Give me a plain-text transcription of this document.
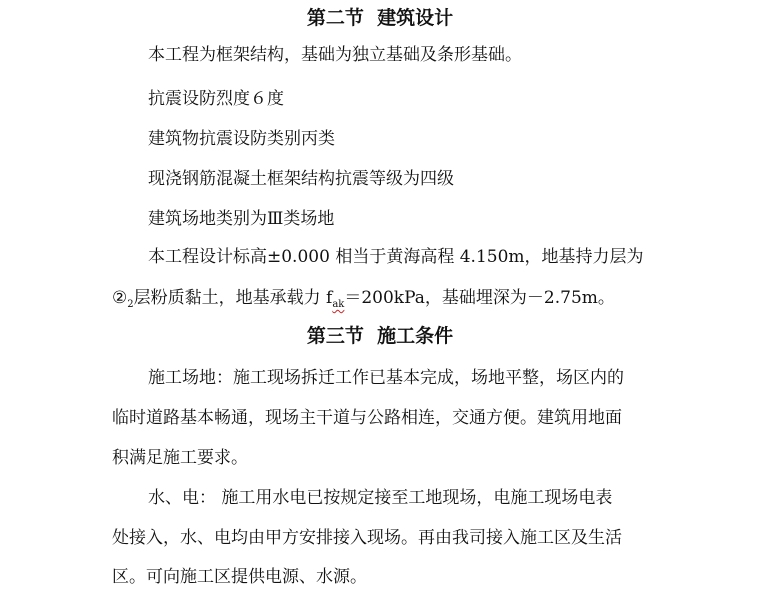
第二节  建筑设计
本工程为框架结构，基础为独立基础及条形基础。
抗震设防烈度６度
建筑物抗震设防类别丙类
现浇钢筋混凝土框架结构抗震等级为四级
建筑场地类别为Ⅲ类场地
本工程设计标高±0.000 相当于黄海高程 4.150m，地基持力层为
$②_2$层粉质黏土，地基承载力 $f_{ak}=200kPa$，基础埋深为－2.75m。
第三节  施工条件
施工场地：施工现场拆迁工作已基本完成，场地平整，场区内的
临时道路基本畅通，现场主干道与公路相连，交通方便。建筑用地面
积满足施工要求。
水、电： 施工用水电已按规定接至工地现场，电施工现场电表
处接入，水、电均由甲方安排接入现场。再由我司接入施工区及生活
区。可向施工区提供电源、水源。
